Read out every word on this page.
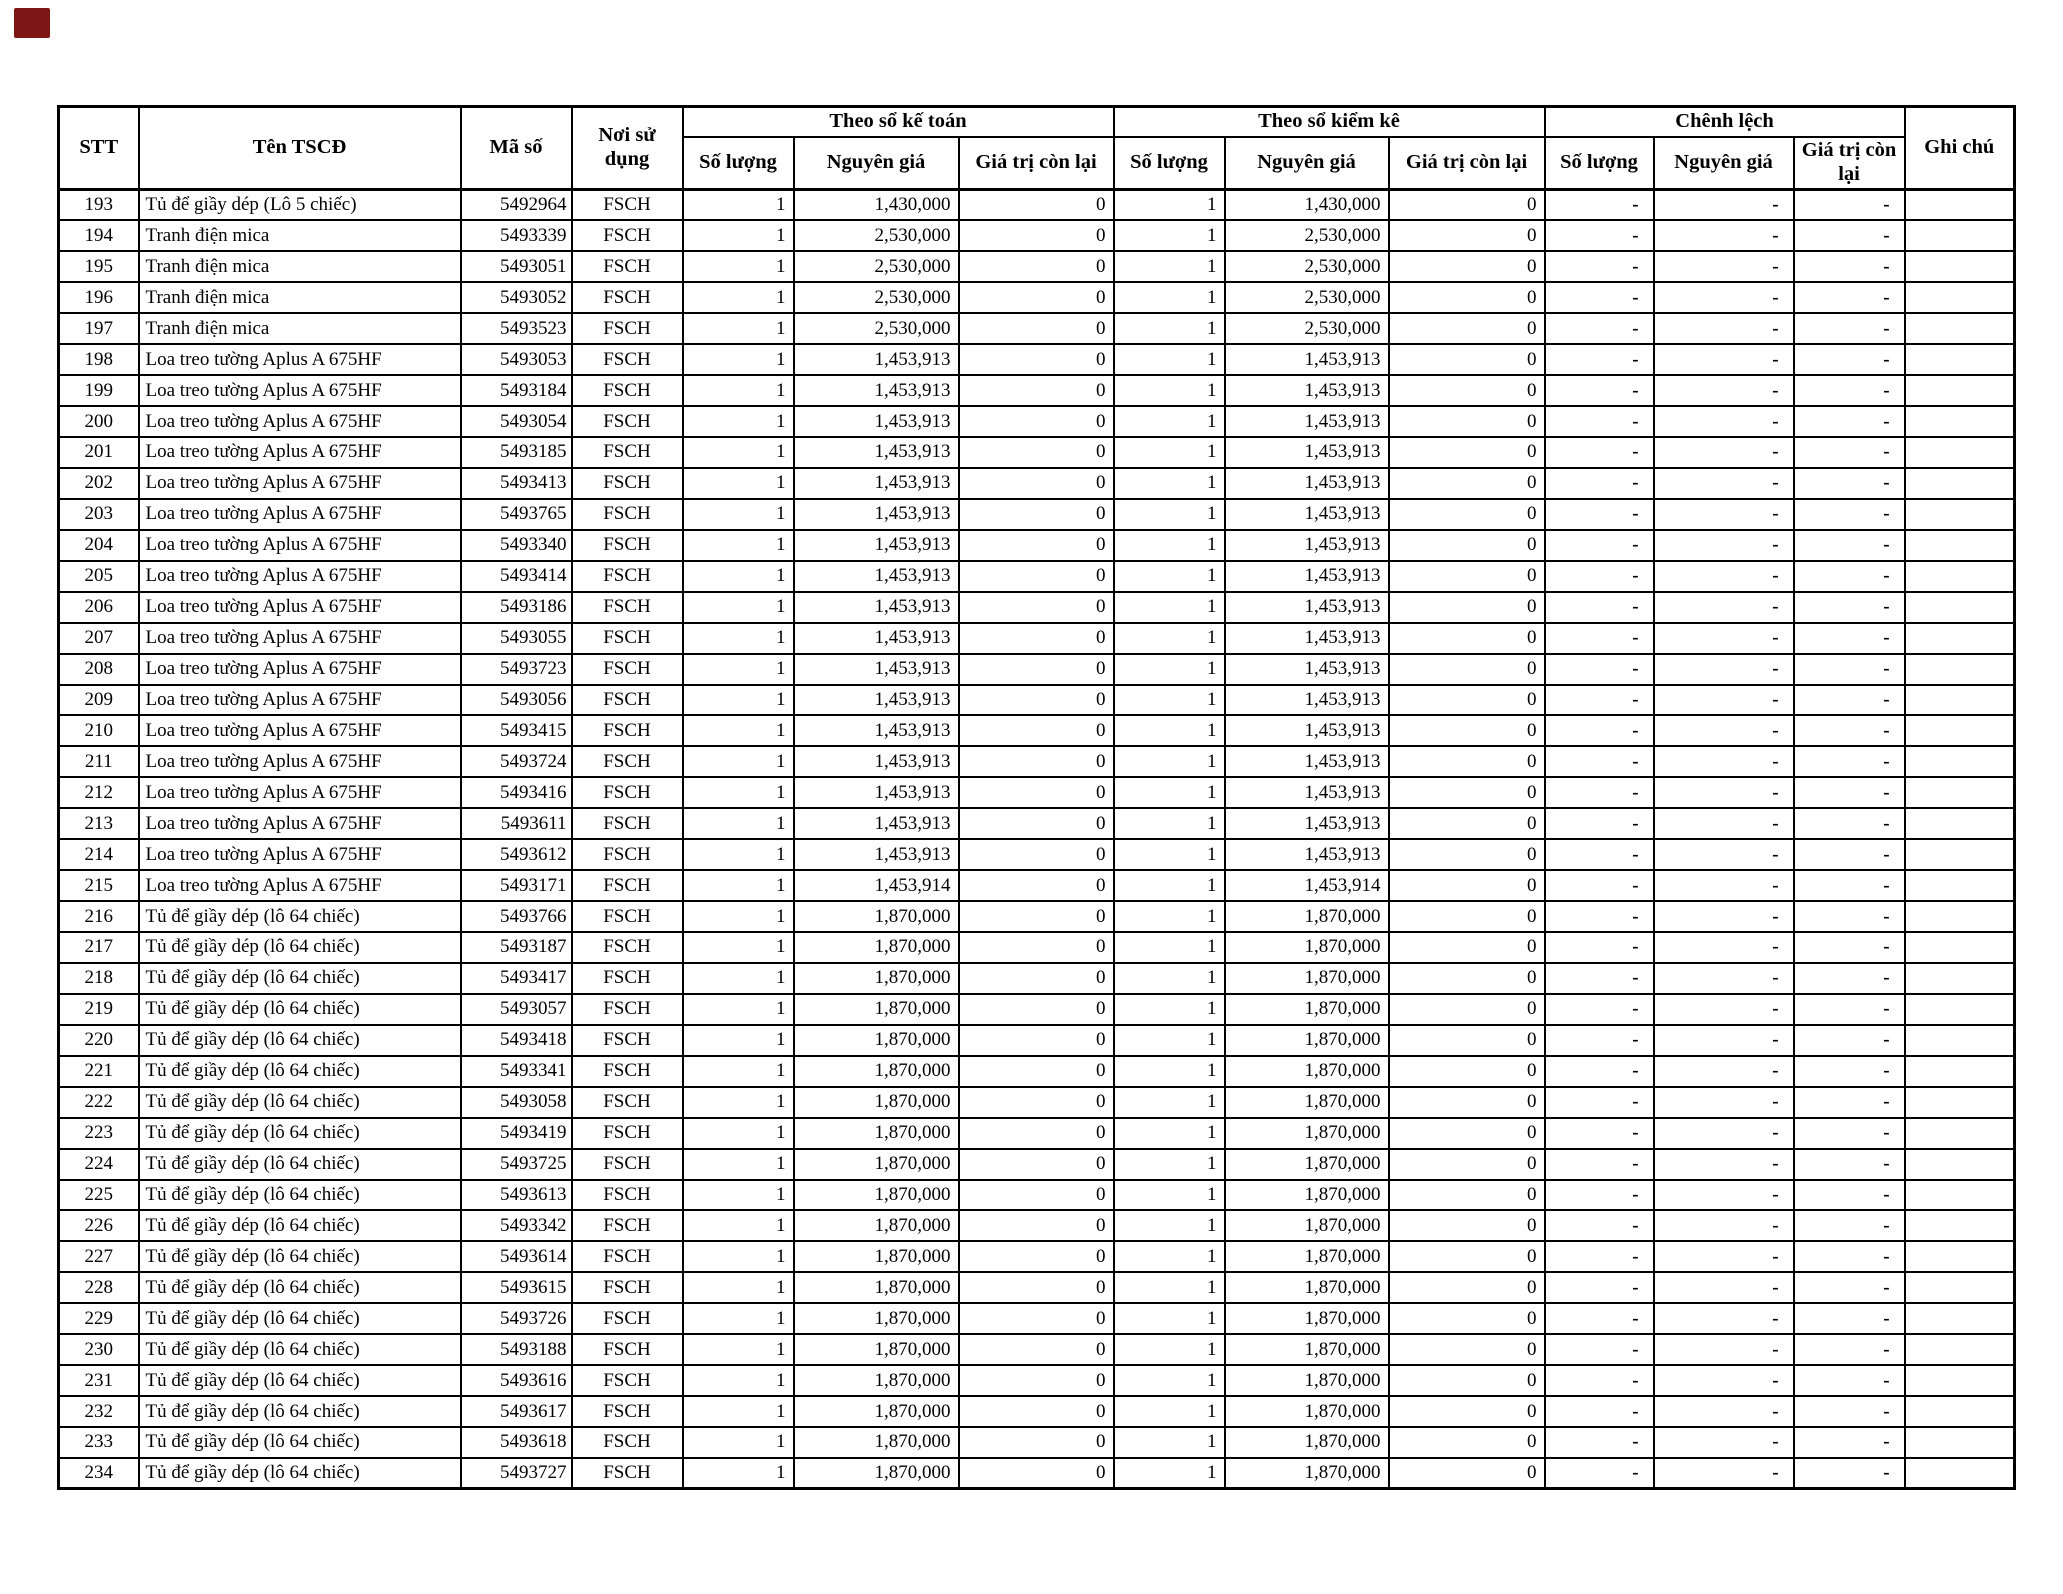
STT	Tên TSCĐ	Mã số	Nơi sử dụng	Theo sổ kế toán			Theo sổ kiểm kê			Chênh lệch			Ghi chú
				Số lượng	Nguyên giá	Giá trị còn lại	Số lượng	Nguyên giá	Giá trị còn lại	Số lượng	Nguyên giá	Giá trị còn lại	
193	Tủ để giầy dép (Lô 5 chiếc)	5492964	FSCH	1	1,430,000	0	1	1,430,000	0	-	-	-	
194	Tranh điện mica	5493339	FSCH	1	2,530,000	0	1	2,530,000	0	-	-	-	
195	Tranh điện mica	5493051	FSCH	1	2,530,000	0	1	2,530,000	0	-	-	-	
196	Tranh điện mica	5493052	FSCH	1	2,530,000	0	1	2,530,000	0	-	-	-	
197	Tranh điện mica	5493523	FSCH	1	2,530,000	0	1	2,530,000	0	-	-	-	
198	Loa treo tường Aplus A 675HF	5493053	FSCH	1	1,453,913	0	1	1,453,913	0	-	-	-	
199	Loa treo tường Aplus A 675HF	5493184	FSCH	1	1,453,913	0	1	1,453,913	0	-	-	-	
200	Loa treo tường Aplus A 675HF	5493054	FSCH	1	1,453,913	0	1	1,453,913	0	-	-	-	
201	Loa treo tường Aplus A 675HF	5493185	FSCH	1	1,453,913	0	1	1,453,913	0	-	-	-	
202	Loa treo tường Aplus A 675HF	5493413	FSCH	1	1,453,913	0	1	1,453,913	0	-	-	-	
203	Loa treo tường Aplus A 675HF	5493765	FSCH	1	1,453,913	0	1	1,453,913	0	-	-	-	
204	Loa treo tường Aplus A 675HF	5493340	FSCH	1	1,453,913	0	1	1,453,913	0	-	-	-	
205	Loa treo tường Aplus A 675HF	5493414	FSCH	1	1,453,913	0	1	1,453,913	0	-	-	-	
206	Loa treo tường Aplus A 675HF	5493186	FSCH	1	1,453,913	0	1	1,453,913	0	-	-	-	
207	Loa treo tường Aplus A 675HF	5493055	FSCH	1	1,453,913	0	1	1,453,913	0	-	-	-	
208	Loa treo tường Aplus A 675HF	5493723	FSCH	1	1,453,913	0	1	1,453,913	0	-	-	-	
209	Loa treo tường Aplus A 675HF	5493056	FSCH	1	1,453,913	0	1	1,453,913	0	-	-	-	
210	Loa treo tường Aplus A 675HF	5493415	FSCH	1	1,453,913	0	1	1,453,913	0	-	-	-	
211	Loa treo tường Aplus A 675HF	5493724	FSCH	1	1,453,913	0	1	1,453,913	0	-	-	-	
212	Loa treo tường Aplus A 675HF	5493416	FSCH	1	1,453,913	0	1	1,453,913	0	-	-	-	
213	Loa treo tường Aplus A 675HF	5493611	FSCH	1	1,453,913	0	1	1,453,913	0	-	-	-	
214	Loa treo tường Aplus A 675HF	5493612	FSCH	1	1,453,913	0	1	1,453,913	0	-	-	-	
215	Loa treo tường Aplus A 675HF	5493171	FSCH	1	1,453,914	0	1	1,453,914	0	-	-	-	
216	Tủ để giầy dép (lô 64 chiếc)	5493766	FSCH	1	1,870,000	0	1	1,870,000	0	-	-	-	
217	Tủ để giầy dép (lô 64 chiếc)	5493187	FSCH	1	1,870,000	0	1	1,870,000	0	-	-	-	
218	Tủ để giầy dép (lô 64 chiếc)	5493417	FSCH	1	1,870,000	0	1	1,870,000	0	-	-	-	
219	Tủ để giầy dép (lô 64 chiếc)	5493057	FSCH	1	1,870,000	0	1	1,870,000	0	-	-	-	
220	Tủ để giầy dép (lô 64 chiếc)	5493418	FSCH	1	1,870,000	0	1	1,870,000	0	-	-	-	
221	Tủ để giầy dép (lô 64 chiếc)	5493341	FSCH	1	1,870,000	0	1	1,870,000	0	-	-	-	
222	Tủ để giầy dép (lô 64 chiếc)	5493058	FSCH	1	1,870,000	0	1	1,870,000	0	-	-	-	
223	Tủ để giầy dép (lô 64 chiếc)	5493419	FSCH	1	1,870,000	0	1	1,870,000	0	-	-	-	
224	Tủ để giầy dép (lô 64 chiếc)	5493725	FSCH	1	1,870,000	0	1	1,870,000	0	-	-	-	
225	Tủ để giầy dép (lô 64 chiếc)	5493613	FSCH	1	1,870,000	0	1	1,870,000	0	-	-	-	
226	Tủ để giầy dép (lô 64 chiếc)	5493342	FSCH	1	1,870,000	0	1	1,870,000	0	-	-	-	
227	Tủ để giầy dép (lô 64 chiếc)	5493614	FSCH	1	1,870,000	0	1	1,870,000	0	-	-	-	
228	Tủ để giầy dép (lô 64 chiếc)	5493615	FSCH	1	1,870,000	0	1	1,870,000	0	-	-	-	
229	Tủ để giầy dép (lô 64 chiếc)	5493726	FSCH	1	1,870,000	0	1	1,870,000	0	-	-	-	
230	Tủ để giầy dép (lô 64 chiếc)	5493188	FSCH	1	1,870,000	0	1	1,870,000	0	-	-	-	
231	Tủ để giầy dép (lô 64 chiếc)	5493616	FSCH	1	1,870,000	0	1	1,870,000	0	-	-	-	
232	Tủ để giầy dép (lô 64 chiếc)	5493617	FSCH	1	1,870,000	0	1	1,870,000	0	-	-	-	
233	Tủ để giầy dép (lô 64 chiếc)	5493618	FSCH	1	1,870,000	0	1	1,870,000	0	-	-	-	
234	Tủ để giầy dép (lô 64 chiếc)	5493727	FSCH	1	1,870,000	0	1	1,870,000	0	-	-	-	
